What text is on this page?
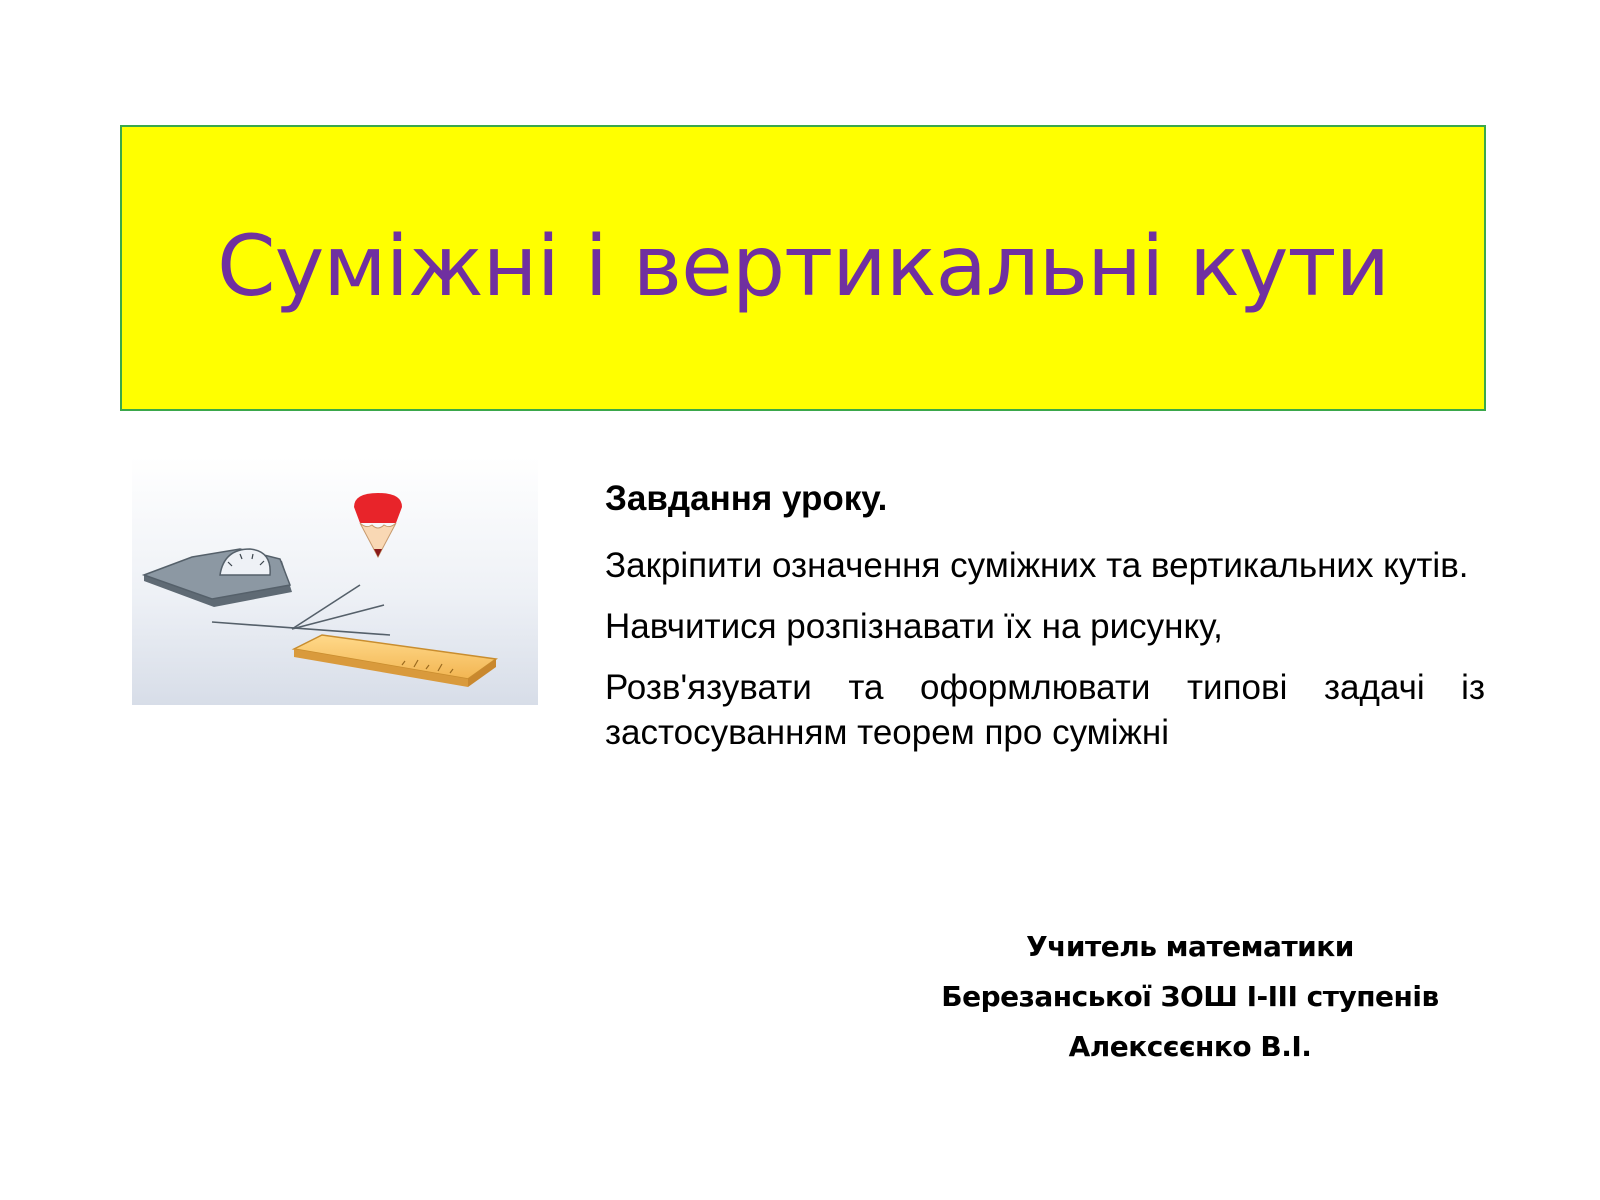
Суміжні і вертикальні кути

Завдання уроку.

Закріпити означення суміжних та вертикальних кутів.

Навчитися розпізнавати їх на рисунку,

Розв'язувати та оформлювати типові задачі із застосуванням теорем про суміжні

Учитель математики
Березанської ЗОШ І-ІІІ ступенів
Алексєєнко В.І.
